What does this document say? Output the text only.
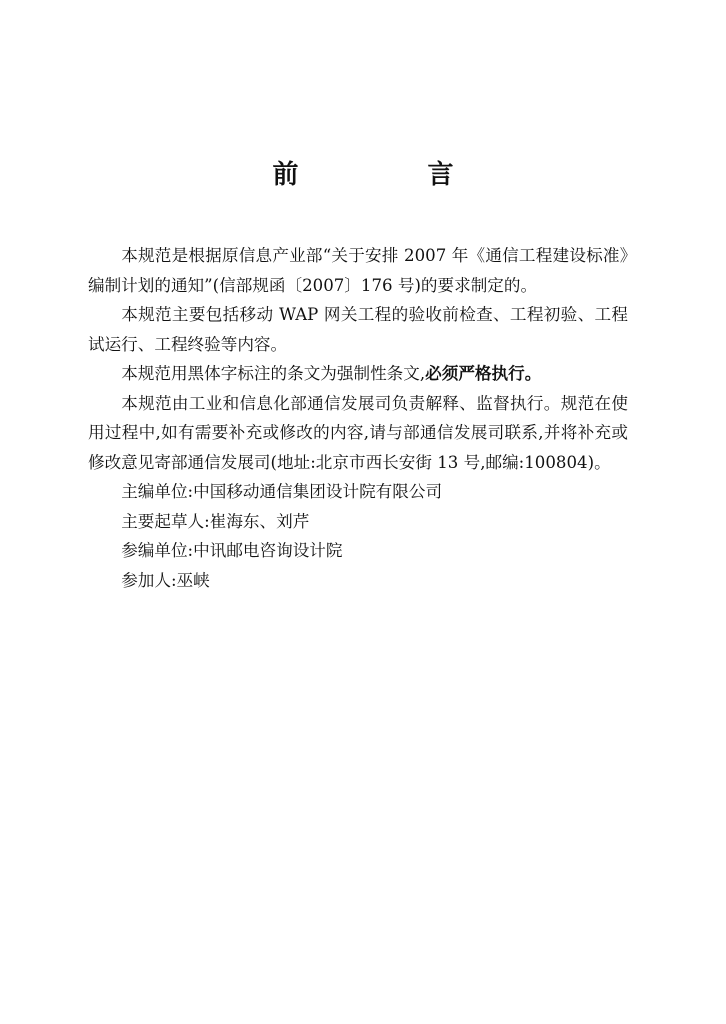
前 言

本规范是根据原信息产业部“关于安排 2007 年《通信工程建设标准》编制计划的通知”(信部规函〔2007〕176 号)的要求制定的。

本规范主要包括移动 WAP 网关工程的验收前检查、工程初验、工程试运行、工程终验等内容。

本规范用黑体字标注的条文为强制性条文,必须严格执行。

本规范由工业和信息化部通信发展司负责解释、监督执行。规范在使用过程中,如有需要补充或修改的内容,请与部通信发展司联系,并将补充或修改意见寄部通信发展司(地址:北京市西长安街 13 号,邮编:100804)。

主编单位:中国移动通信集团设计院有限公司

主要起草人:崔海东、刘芹

参编单位:中讯邮电咨询设计院

参加人:巫峡
